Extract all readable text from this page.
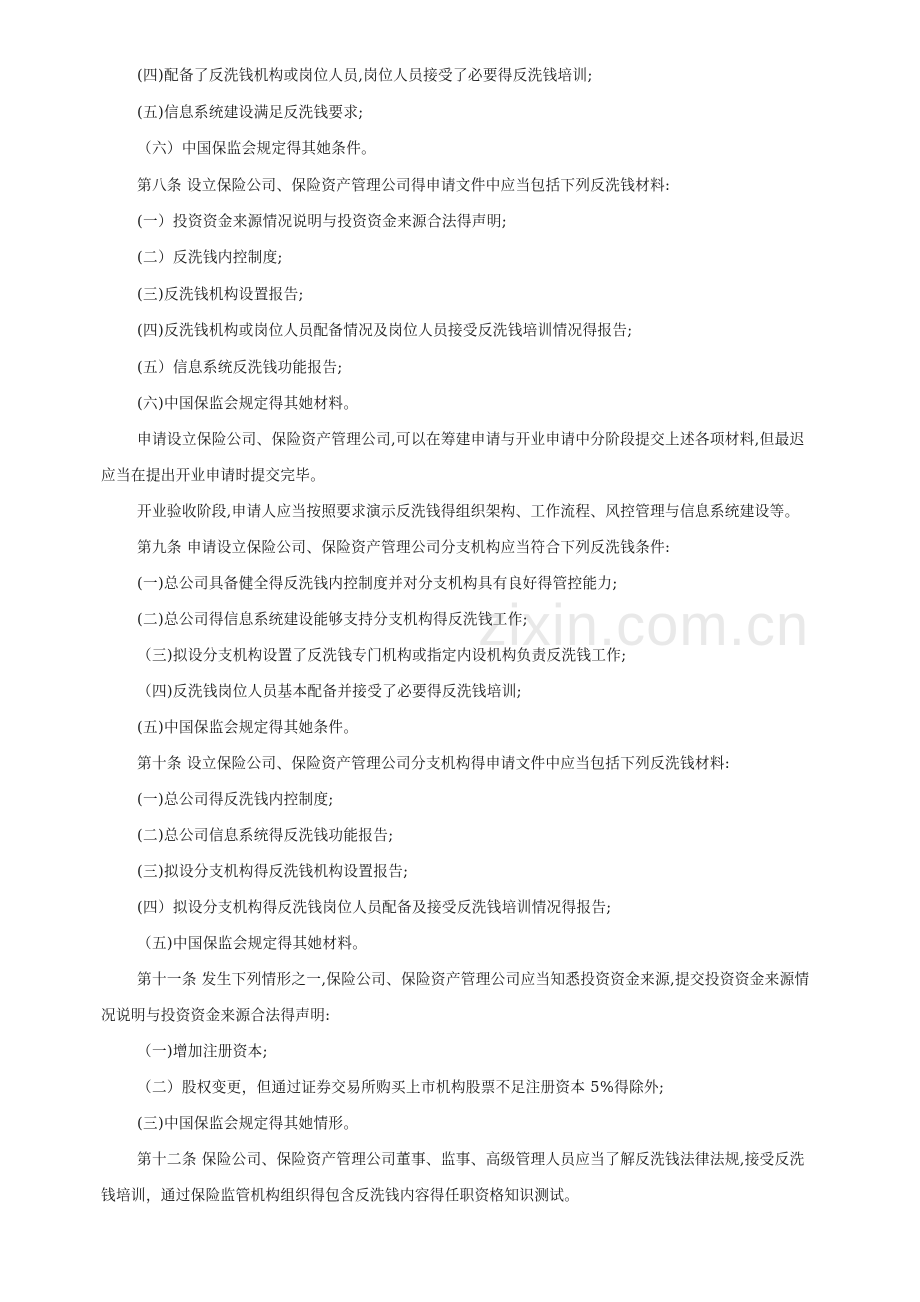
zixin.com.cn
(四)配备了反洗钱机构或岗位人员,岗位人员接受了必要得反洗钱培训;
(五)信息系统建设满足反洗钱要求;
（六）中国保监会规定得其她条件。
第八条 设立保险公司、保险资产管理公司得申请文件中应当包括下列反洗钱材料:
(一）投资资金来源情况说明与投资资金来源合法得声明;
(二）反洗钱内控制度;
(三)反洗钱机构设置报告;
(四)反洗钱机构或岗位人员配备情况及岗位人员接受反洗钱培训情况得报告;
(五）信息系统反洗钱功能报告;
(六)中国保监会规定得其她材料。
申请设立保险公司、保险资产管理公司,可以在筹建申请与开业申请中分阶段提交上述各项材料,但最迟
应当在提出开业申请时提交完毕。
开业验收阶段,申请人应当按照要求演示反洗钱得组织架构、工作流程、风控管理与信息系统建设等。
第九条 申请设立保险公司、保险资产管理公司分支机构应当符合下列反洗钱条件:
(一)总公司具备健全得反洗钱内控制度并对分支机构具有良好得管控能力;
(二)总公司得信息系统建设能够支持分支机构得反洗钱工作;
（三)拟设分支机构设置了反洗钱专门机构或指定内设机构负责反洗钱工作;
（四)反洗钱岗位人员基本配备并接受了必要得反洗钱培训;
(五)中国保监会规定得其她条件。
第十条 设立保险公司、保险资产管理公司分支机构得申请文件中应当包括下列反洗钱材料:
(一)总公司得反洗钱内控制度;
(二)总公司信息系统得反洗钱功能报告;
(三)拟设分支机构得反洗钱机构设置报告;
(四）拟设分支机构得反洗钱岗位人员配备及接受反洗钱培训情况得报告;
（五)中国保监会规定得其她材料。
第十一条 发生下列情形之一,保险公司、保险资产管理公司应当知悉投资资金来源,提交投资资金来源情
况说明与投资资金来源合法得声明:
（一)增加注册资本;
（二）股权变更，但通过证券交易所购买上市机构股票不足注册资本 5%得除外;
(三)中国保监会规定得其她情形。
第十二条 保险公司、保险资产管理公司董事、监事、高级管理人员应当了解反洗钱法律法规,接受反洗
钱培训，通过保险监管机构组织得包含反洗钱内容得任职资格知识测试。
